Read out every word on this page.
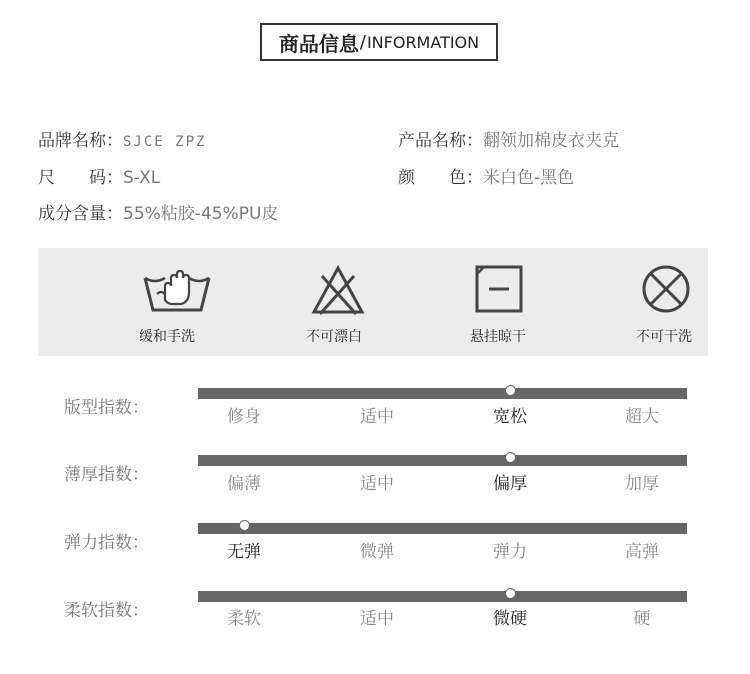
商品信息 / INFORMATION
品牌名称：SJCE ZPZ	产品名称：翻领加棉皮衣夹克
尺　　码：S-XL	颜　　色：米白色-黑色
成分含量：55%粘胶-45%PU皮
缓和手洗	不可漂白	悬挂晾干	不可干洗
版型指数：	修身	适中	宽松	超大
薄厚指数：	偏薄	适中	偏厚	加厚
弹力指数：	无弹	微弹	弹力	高弹
柔软指数：	柔软	适中	微硬	硬
